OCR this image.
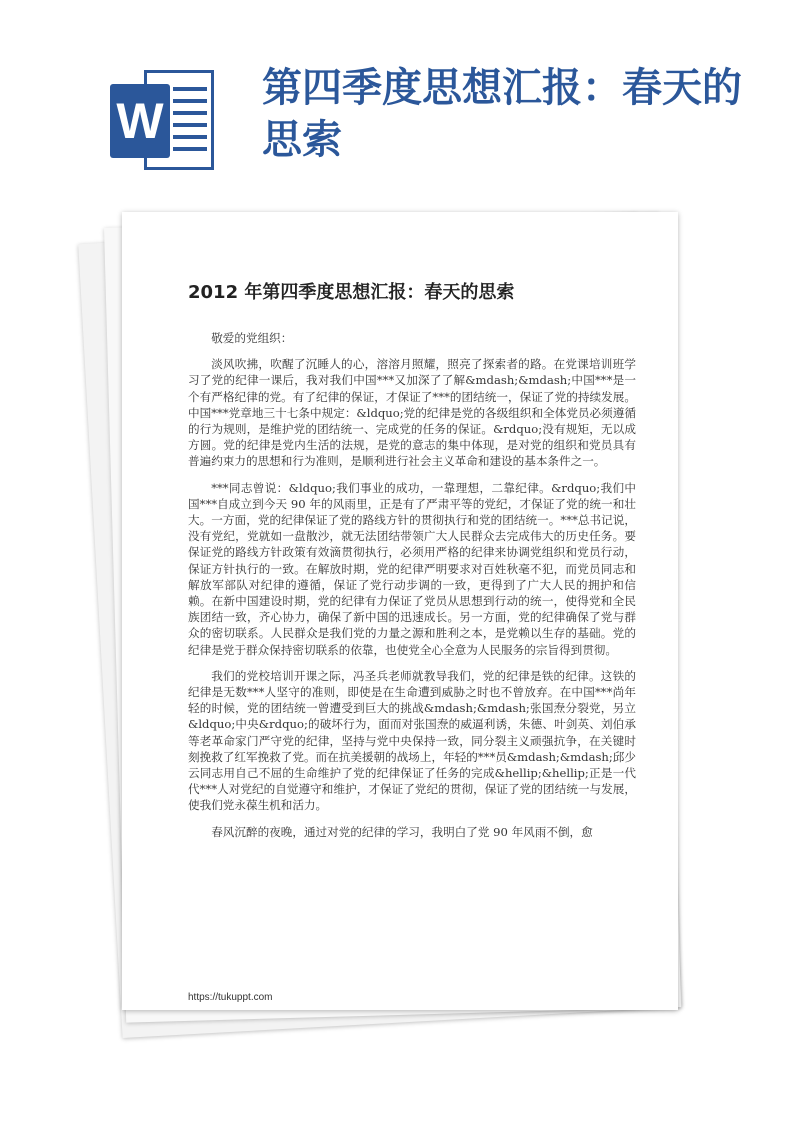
W
第四季度思想汇报：春天的思索
2012 年第四季度思想汇报：春天的思索

敬爱的党组织：

淡风吹拂，吹醒了沉睡人的心，溶溶月照耀，照亮了探索者的路。在党课培训班学习了党的纪律一课后，我对我们中国***又加深了了解&mdash;&mdash;中国***是一个有严格纪律的党。有了纪律的保证，才保证了***的团结统一，保证了党的持续发展。中国***党章地三十七条中规定：&ldquo;党的纪律是党的各级组织和全体党员必须遵循的行为规则，是维护党的团结统一、完成党的任务的保证。&rdquo;没有规矩，无以成方圆。党的纪律是党内生活的法规，是党的意志的集中体现，是对党的组织和党员具有普遍约束力的思想和行为准则，是顺利进行社会主义革命和建设的基本条件之一。

***同志曾说：&ldquo;我们事业的成功，一靠理想，二靠纪律。&rdquo;我们中国***自成立到今天 90 年的风雨里，正是有了严肃平等的党纪，才保证了党的统一和壮大。一方面，党的纪律保证了党的路线方针的贯彻执行和党的团结统一。***总书记说，没有党纪，党就如一盘散沙，就无法团结带领广大人民群众去完成伟大的历史任务。要保证党的路线方针政策有效滴贯彻执行，必须用严格的纪律来协调党组织和党员行动，保证方针执行的一致。在解放时期，党的纪律严明要求对百姓秋毫不犯，而党员同志和解放军部队对纪律的遵循，保证了党行动步调的一致，更得到了广大人民的拥护和信赖。在新中国建设时期，党的纪律有力保证了党员从思想到行动的统一，使得党和全民族团结一致，齐心协力，确保了新中国的迅速成长。另一方面，党的纪律确保了党与群众的密切联系。人民群众是我们党的力量之源和胜利之本，是党赖以生存的基础。党的纪律是党于群众保持密切联系的依靠，也使党全心全意为人民服务的宗旨得到贯彻。

我们的党校培训开课之际，冯圣兵老师就教导我们，党的纪律是铁的纪律。这铁的纪律是无数***人坚守的准则，即使是在生命遭到威胁之时也不曾放弃。在中国***尚年轻的时候，党的团结统一曾遭受到巨大的挑战&mdash;&mdash;张国焘分裂党，另立&ldquo;中央&rdquo;的破坏行为，面而对张国焘的威逼利诱，朱德、叶剑英、刘伯承等老革命家门严守党的纪律，坚持与党中央保持一致，同分裂主义顽强抗争，在关键时刻挽救了红军挽救了党。而在抗美援朝的战场上，年轻的***员&mdash;&mdash;邱少云同志用自己不屈的生命维护了党的纪律保证了任务的完成&hellip;&hellip;正是一代代***人对党纪的自觉遵守和维护，才保证了党纪的贯彻，保证了党的团结统一与发展，使我们党永葆生机和活力。

春风沉醉的夜晚，通过对党的纪律的学习，我明白了党 90 年风雨不倒，愈

https://tukuppt.com
